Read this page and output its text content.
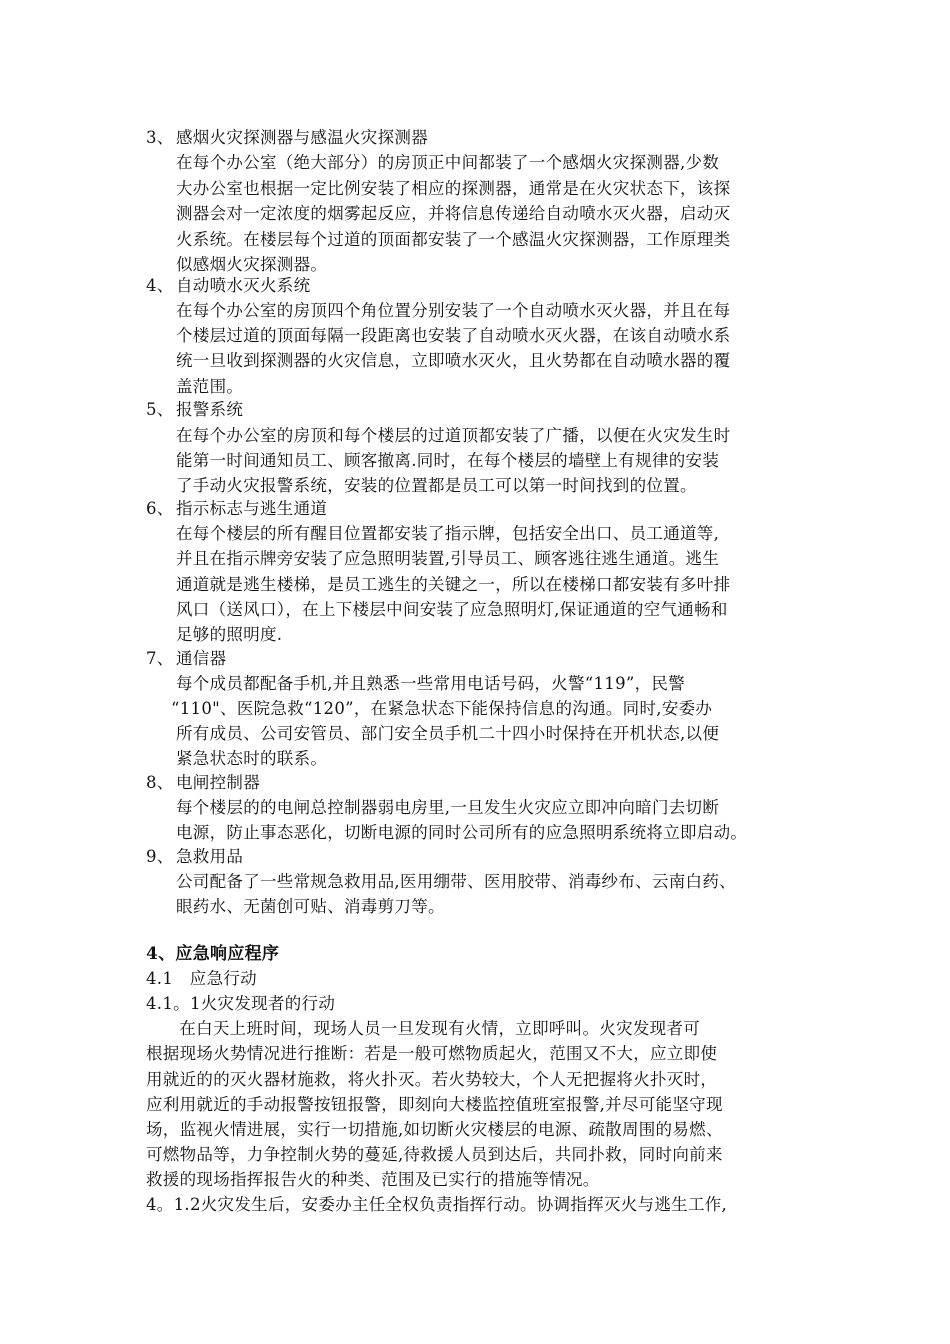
3、 感烟火灾探测器与感温火灾探测器
在每个办公室（绝大部分）的房顶正中间都装了一个感烟火灾探测器,少数
大办公室也根据一定比例安装了相应的探测器，通常是在火灾状态下，该探
测器会对一定浓度的烟雾起反应，并将信息传递给自动喷水灭火器，启动灭
火系统。在楼层每个过道的顶面都安装了一个感温火灾探测器，工作原理类
似感烟火灾探测器。
4、 自动喷水灭火系统
在每个办公室的房顶四个角位置分别安装了一个自动喷水灭火器，并且在每
个楼层过道的顶面每隔一段距离也安装了自动喷水灭火器，在该自动喷水系
统一旦收到探测器的火灾信息，立即喷水灭火，且火势都在自动喷水器的覆
盖范围。
5、 报警系统
在每个办公室的房顶和每个楼层的过道顶都安装了广播，以便在火灾发生时
能第一时间通知员工、顾客撤离.同时，在每个楼层的墙壁上有规律的安装
了手动火灾报警系统，安装的位置都是员工可以第一时间找到的位置。
6、 指示标志与逃生通道
在每个楼层的所有醒目位置都安装了指示牌，包括安全出口、员工通道等,
并且在指示牌旁安装了应急照明装置,引导员工、顾客逃往逃生通道。逃生
通道就是逃生楼梯，是员工逃生的关键之一，所以在楼梯口都安装有多叶排
风口（送风口），在上下楼层中间安装了应急照明灯,保证通道的空气通畅和
足够的照明度.
7、 通信器
每个成员都配备手机,并且熟悉一些常用电话号码，火警“119”，民警
“110"、医院急救“120”，在紧急状态下能保持信息的沟通。同时,安委办
所有成员、公司安管员、部门安全员手机二十四小时保持在开机状态,以便
紧急状态时的联系。
8、 电闸控制器
每个楼层的的电闸总控制器弱电房里,一旦发生火灾应立即冲向暗门去切断
电源，防止事态恶化，切断电源的同时公司所有的应急照明系统将立即启动。
9、 急救用品
公司配备了一些常规急救用品,医用绷带、医用胶带、消毒纱布、云南白药、
眼药水、无菌创可贴、消毒剪刀等。
4、应急响应程序
4.1   应急行动
4.1。1火灾发现者的行动
在白天上班时间，现场人员一旦发现有火情，立即呼叫。火灾发现者可
根据现场火势情况进行推断：若是一般可燃物质起火，范围又不大，应立即使
用就近的的灭火器材施救，将火扑灭。若火势较大，个人无把握将火扑灭时，
应利用就近的手动报警按钮报警，即刻向大楼监控值班室报警,并尽可能坚守现
场，监视火情进展，实行一切措施,如切断火灾楼层的电源、疏散周围的易燃、
可燃物品等，力争控制火势的蔓延,待救援人员到达后，共同扑救，同时向前来
救援的现场指挥报告火的种类、范围及已实行的措施等情况。
4。1.2火灾发生后，安委办主任全权负责指挥行动。协调指挥灭火与逃生工作,
